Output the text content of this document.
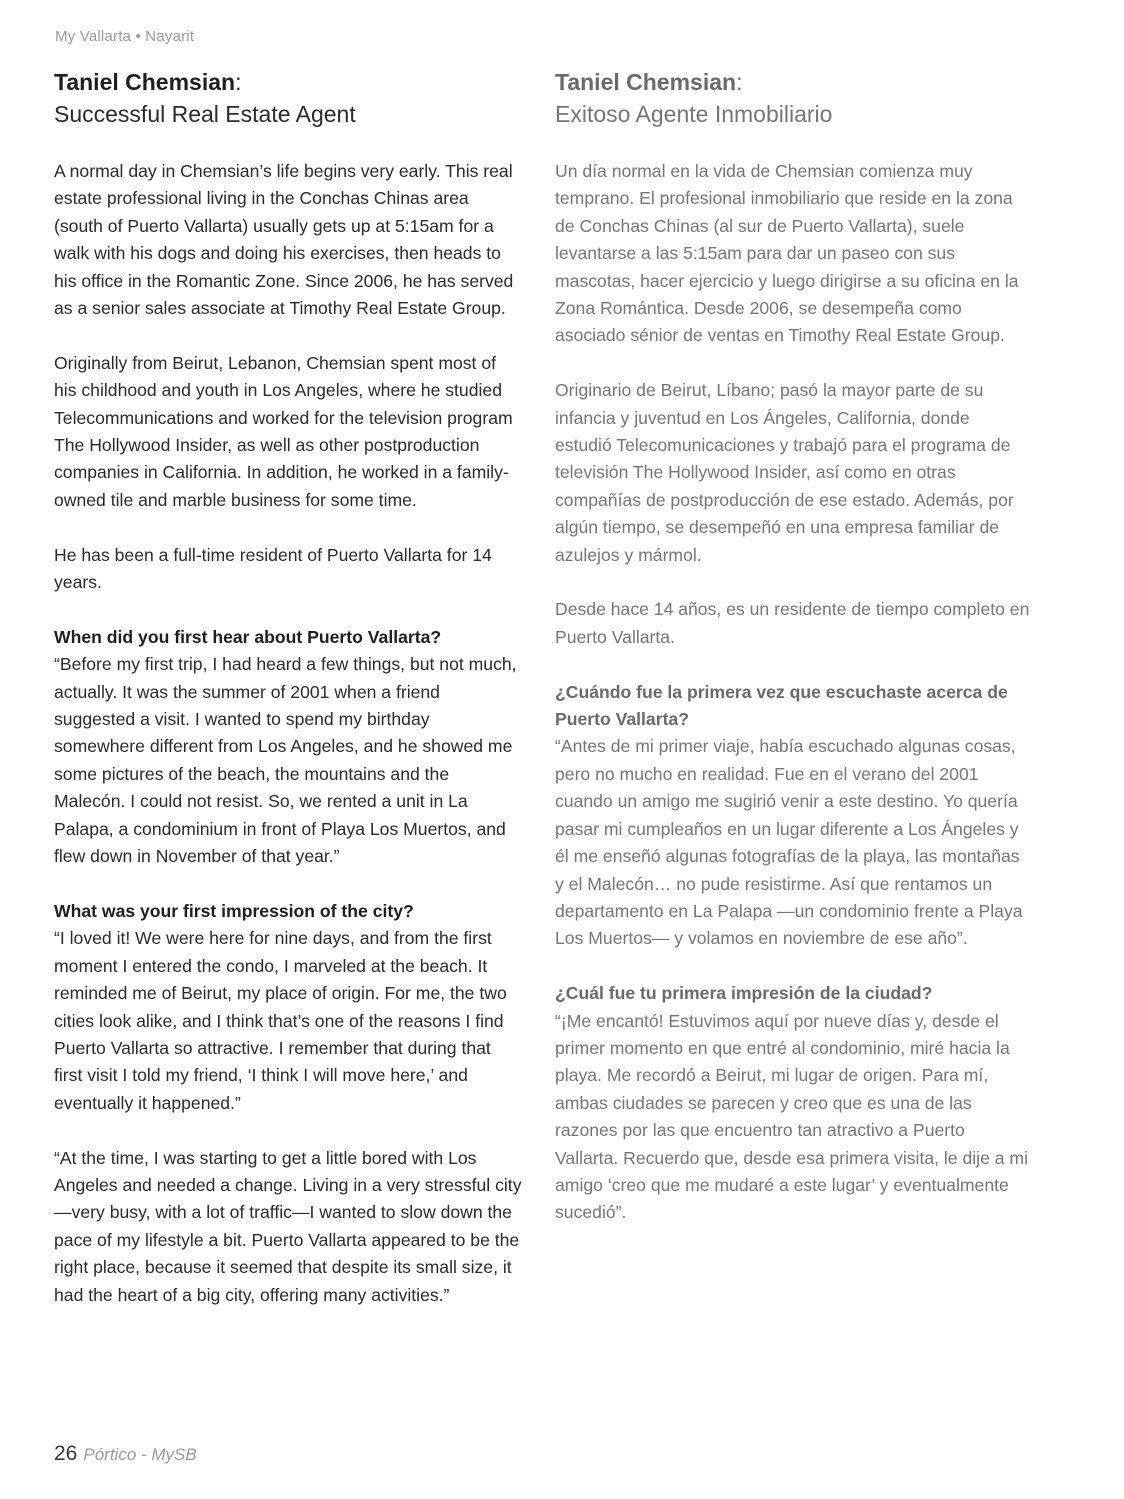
My Vallarta • Nayarit
Taniel Chemsian:
Successful Real Estate Agent

A normal day in Chemsian’s life begins very early. This real estate professional living in the Conchas Chinas area (south of Puerto Vallarta) usually gets up at 5:15am for a walk with his dogs and doing his exercises, then heads to his office in the Romantic Zone. Since 2006, he has served as a senior sales associate at Timothy Real Estate Group.

Originally from Beirut, Lebanon, Chemsian spent most of his childhood and youth in Los Angeles, where he studied Telecommunications and worked for the television program The Hollywood Insider, as well as other postproduction companies in California. In addition, he worked in a family-owned tile and marble business for some time.

He has been a full-time resident of Puerto Vallarta for 14 years.

When did you first hear about Puerto Vallarta?

“Before my first trip, I had heard a few things, but not much, actually. It was the summer of 2001 when a friend suggested a visit. I wanted to spend my birthday somewhere different from Los Angeles, and he showed me some pictures of the beach, the mountains and the Malecón. I could not resist. So, we rented a unit in La Palapa, a condominium in front of Playa Los Muertos, and flew down in November of that year.”

What was your first impression of the city?

“I loved it! We were here for nine days, and from the first moment I entered the condo, I marveled at the beach. It reminded me of Beirut, my place of origin. For me, the two cities look alike, and I think that’s one of the reasons I find Puerto Vallarta so attractive. I remember that during that first visit I told my friend, ‘I think I will move here,’ and eventually it happened.”

“At the time, I was starting to get a little bored with Los Angeles and needed a change. Living in a very stressful city—very busy, with a lot of traffic—I wanted to slow down the pace of my lifestyle a bit. Puerto Vallarta appeared to be the right place, because it seemed that despite its small size, it had the heart of a big city, offering many activities.”

Taniel Chemsian:
Exitoso Agente Inmobiliario

Un día normal en la vida de Chemsian comienza muy temprano. El profesional inmobiliario que reside en la zona de Conchas Chinas (al sur de Puerto Vallarta), suele levantarse a las 5:15am para dar un paseo con sus mascotas, hacer ejercicio y luego dirigirse a su oficina en la Zona Romántica. Desde 2006, se desempeña como asociado sénior de ventas en Timothy Real Estate Group.

Originario de Beirut, Líbano; pasó la mayor parte de su infancia y juventud en Los Ángeles, California, donde estudió Telecomunicaciones y trabajó para el programa de televisión The Hollywood Insider, así como en otras compañías de postproducción de ese estado. Además, por algún tiempo, se desempeñó en una empresa familiar de azulejos y mármol.

Desde hace 14 años, es un residente de tiempo completo en Puerto Vallarta.

¿Cuándo fue la primera vez que escuchaste acerca de Puerto Vallarta?

“Antes de mi primer viaje, había escuchado algunas cosas, pero no mucho en realidad. Fue en el verano del 2001 cuando un amigo me sugirió venir a este destino. Yo quería pasar mi cumpleaños en un lugar diferente a Los Ángeles y él me enseñó algunas fotografías de la playa, las montañas y el Malecón… no pude resistirme. Así que rentamos un departamento en La Palapa —un condominio frente a Playa Los Muertos— y volamos en noviembre de ese año”.

¿Cuál fue tu primera impresión de la ciudad?

“¡Me encantó! Estuvimos aquí por nueve días y, desde el primer momento en que entré al condominio, miré hacia la playa. Me recordó a Beirut, mi lugar de origen. Para mí, ambas ciudades se parecen y creo que es una de las razones por las que encuentro tan atractivo a Puerto Vallarta. Recuerdo que, desde esa primera visita, le dije a mi amigo ‘creo que me mudaré a este lugar’ y eventualmente sucedió”.

26 Pórtico - MySB
